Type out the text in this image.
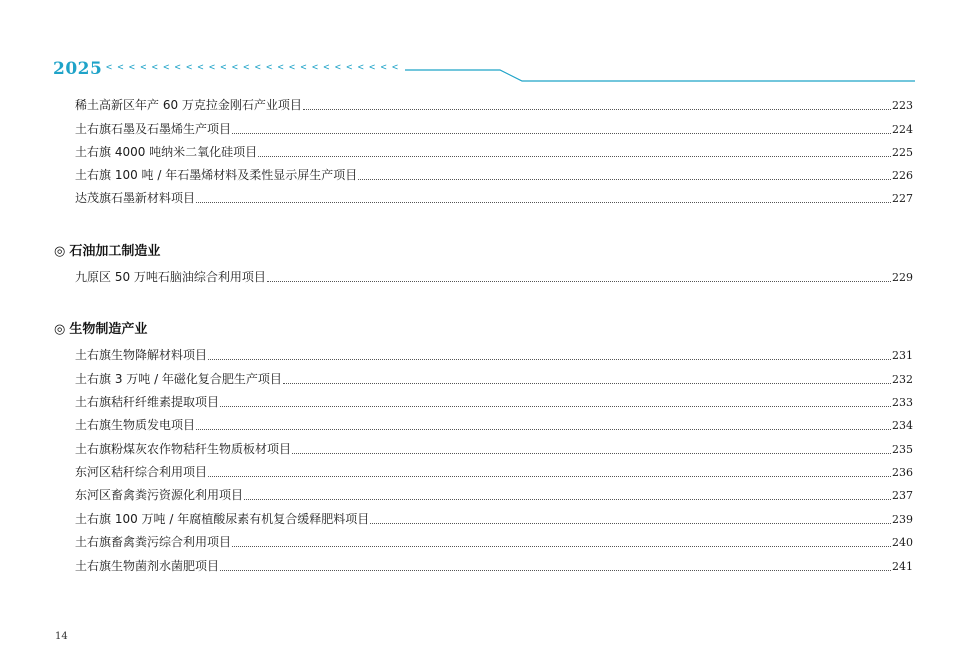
2025 < < < < < < < < < < < < < < < < < < < < < < < < < <
稀土高新区年产 60 万克拉金刚石产业项目	223
土右旗石墨及石墨烯生产项目	224
土右旗 4000 吨纳米二氧化硅项目	225
土右旗 100 吨 / 年石墨烯材料及柔性显示屏生产项目	226
达茂旗石墨新材料项目	227
◎ 石油加工制造业
九原区 50 万吨石脑油综合利用项目	229
◎ 生物制造产业
土右旗生物降解材料项目	231
土右旗 3 万吨 / 年磁化复合肥生产项目	232
土右旗秸秆纤维素提取项目	233
土右旗生物质发电项目	234
土右旗粉煤灰农作物秸秆生物质板材项目	235
东河区秸秆综合利用项目	236
东河区畜禽粪污资源化利用项目	237
土右旗 100 万吨 / 年腐植酸尿素有机复合缓释肥料项目	239
土右旗畜禽粪污综合利用项目	240
土右旗生物菌剂水菌肥项目	241
14
